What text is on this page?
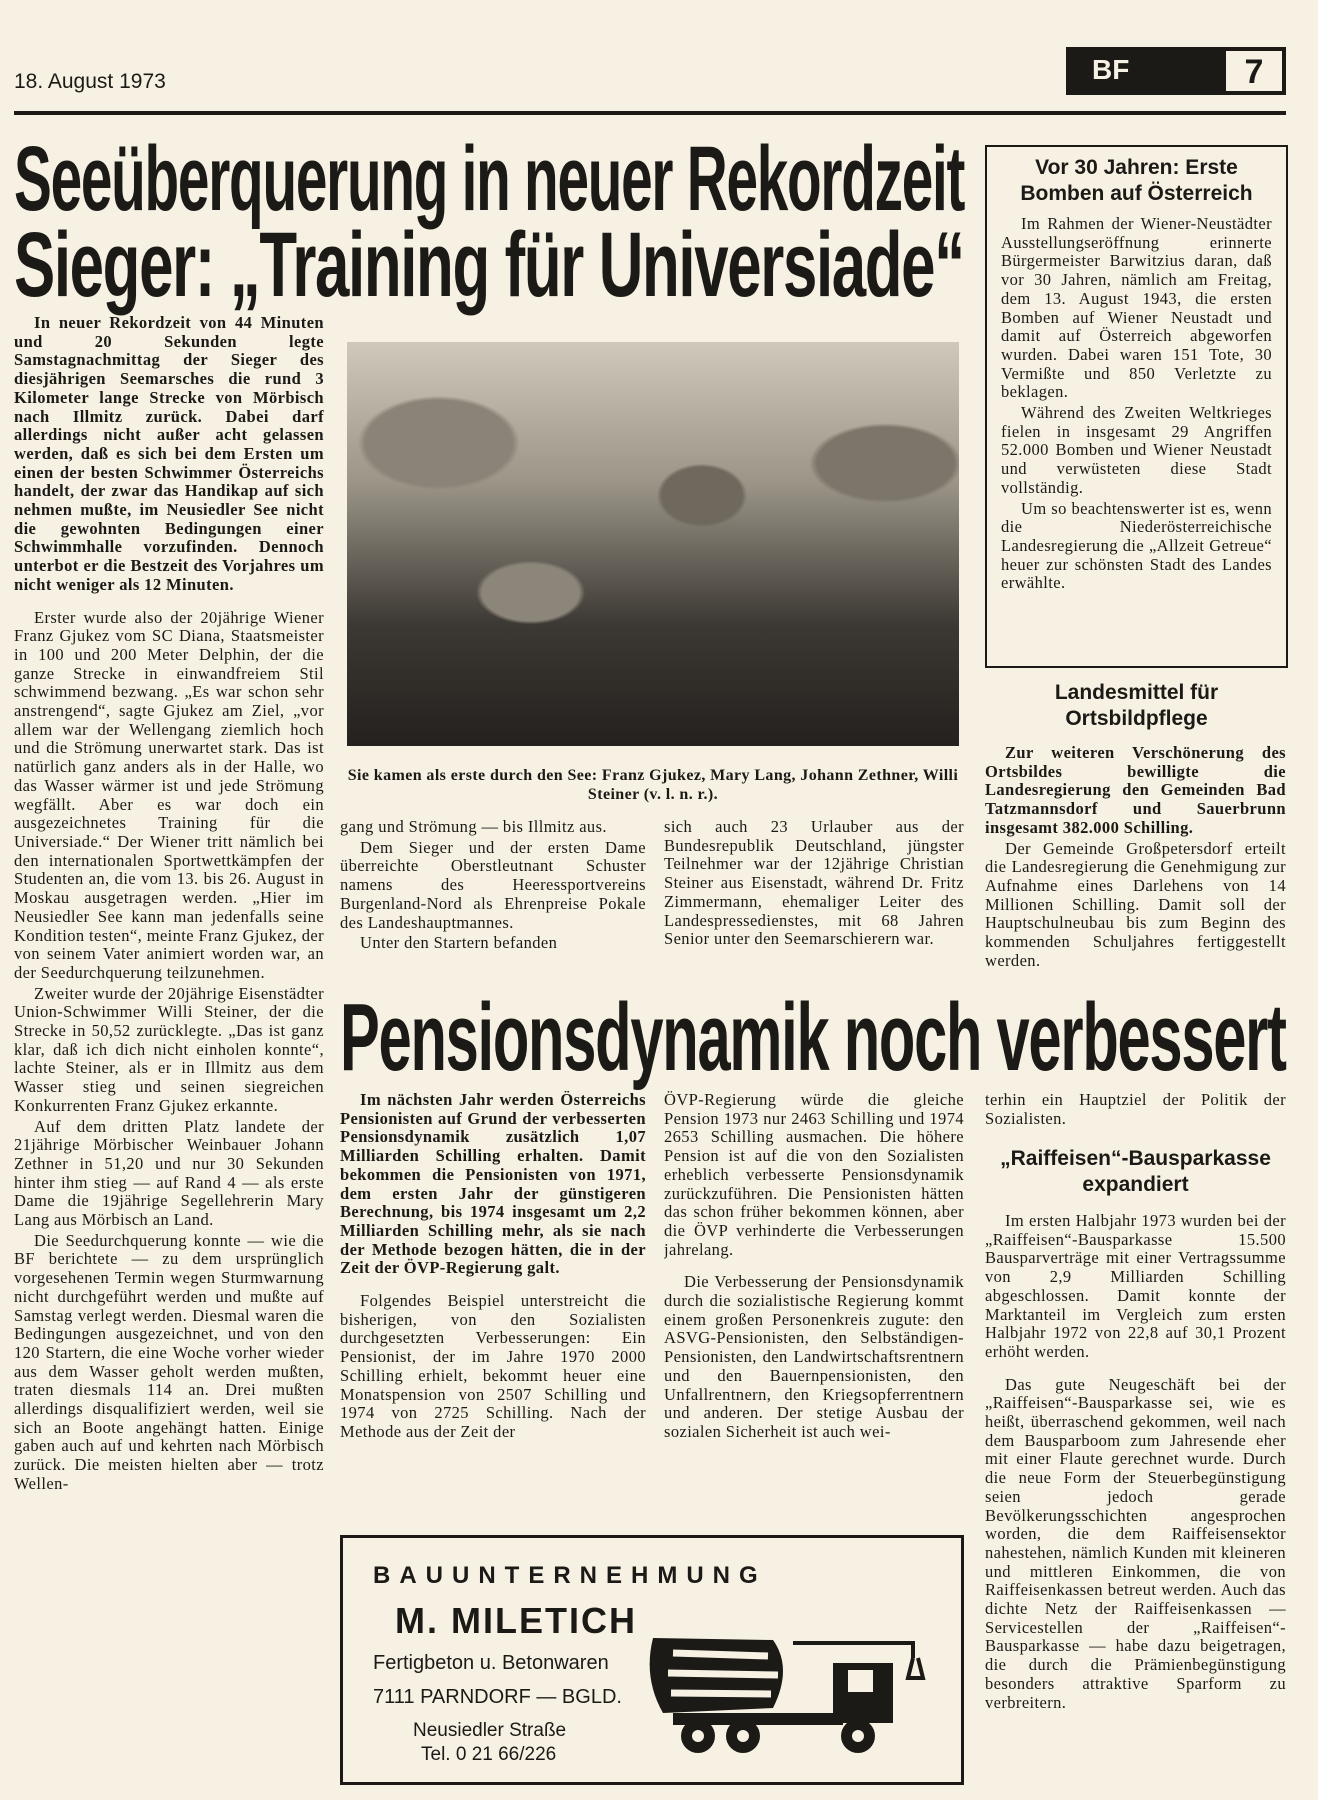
18. August 1973	BF	7
Seeüberquerung in neuer Rekordzeit
Sieger: „Training für Universiade“

In neuer Rekordzeit von 44 Minuten und 20 Sekunden legte Samstagnachmittag der Sieger des diesjährigen Seemarsches die rund 3 Kilometer lange Strecke von Mörbisch nach Illmitz zurück. Dabei darf allerdings nicht außer acht gelassen werden, daß es sich bei dem Ersten um einen der besten Schwimmer Österreichs handelt, der zwar das Handikap auf sich nehmen mußte, im Neusiedler See nicht die gewohnten Bedingungen einer Schwimmhalle vorzufinden. Dennoch unterbot er die Bestzeit des Vorjahres um nicht weniger als 12 Minuten.

Erster wurde also der 20jährige Wiener Franz Gjukez vom SC Diana, Staatsmeister in 100 und 200 Meter Delphin, der die ganze Strecke in einwandfreiem Stil schwimmend bezwang. „Es war schon sehr anstrengend“, sagte Gjukez am Ziel, „vor allem war der Wellengang ziemlich hoch und die Strömung unerwartet stark. Das ist natürlich ganz anders als in der Halle, wo das Wasser wärmer ist und jede Strömung wegfällt. Aber es war doch ein ausgezeichnetes Training für die Universiade.“ Der Wiener tritt nämlich bei den internationalen Sportwettkämpfen der Studenten an, die vom 13. bis 26. August in Moskau ausgetragen werden. „Hier im Neusiedler See kann man jedenfalls seine Kondition testen“, meinte Franz Gjukez, der von seinem Vater animiert worden war, an der Seedurchquerung teilzunehmen.

Zweiter wurde der 20jährige Eisenstädter Union-Schwimmer Willi Steiner, der die Strecke in 50,52 zurücklegte. „Das ist ganz klar, daß ich dich nicht einholen konnte“, lachte Steiner, als er in Illmitz aus dem Wasser stieg und seinen siegreichen Konkurrenten Franz Gjukez erkannte.

Auf dem dritten Platz landete der 21jährige Mörbischer Weinbauer Johann Zethner in 51,20 und nur 30 Sekunden hinter ihm stieg — auf Rand 4 — als erste Dame die 19jährige Segellehrerin Mary Lang aus Mörbisch an Land.

Die Seedurchquerung konnte — wie die BF berichtete — zu dem ursprünglich vorgesehenen Termin wegen Sturmwarnung nicht durchgeführt werden und mußte auf Samstag verlegt werden. Diesmal waren die Bedingungen ausgezeichnet, und von den 120 Startern, die eine Woche vorher wieder aus dem Wasser geholt werden mußten, traten diesmals 114 an. Drei mußten allerdings disqualifiziert werden, weil sie sich an Boote angehängt hatten. Einige gaben auch auf und kehrten nach Mörbisch zurück. Die meisten hielten aber — trotz Wellen-

Sie kamen als erste durch den See: Franz Gjukez, Mary Lang, Johann Zethner, Willi Steiner (v. l. n. r.).

gang und Strömung — bis Illmitz aus.

Dem Sieger und der ersten Dame überreichte Oberstleutnant Schuster namens des Heeressportvereins Burgenland-Nord als Ehrenpreise Pokale des Landeshauptmannes.

Unter den Startern befanden

sich auch 23 Urlauber aus der Bundesrepublik Deutschland, jüngster Teilnehmer war der 12jährige Christian Steiner aus Eisenstadt, während Dr. Fritz Zimmermann, ehemaliger Leiter des Landespressedienstes, mit 68 Jahren Senior unter den Seemarschierern war.

Vor 30 Jahren: Erste Bomben auf Österreich

Im Rahmen der Wiener-Neustädter Ausstellungseröffnung erinnerte Bürgermeister Barwitzius daran, daß vor 30 Jahren, nämlich am Freitag, dem 13. August 1943, die ersten Bomben auf Wiener Neustadt und damit auf Österreich abgeworfen wurden. Dabei waren 151 Tote, 30 Vermißte und 850 Verletzte zu beklagen.

Während des Zweiten Weltkrieges fielen in insgesamt 29 Angriffen 52.000 Bomben und Wiener Neustadt und verwüsteten diese Stadt vollständig.

Um so beachtenswerter ist es, wenn die Niederösterreichische Landesregierung die „Allzeit Getreue“ heuer zur schönsten Stadt des Landes erwählte.

Landesmittel für Ortsbildpflege

Zur weiteren Verschönerung des Ortsbildes bewilligte die Landesregierung den Gemeinden Bad Tatzmannsdorf und Sauerbrunn insgesamt 382.000 Schilling.

Der Gemeinde Großpetersdorf erteilt die Landesregierung die Genehmigung zur Aufnahme eines Darlehens von 14 Millionen Schilling. Damit soll der Hauptschulneubau bis zum Beginn des kommenden Schuljahres fertiggestellt werden.

Pensionsdynamik noch verbessert

Im nächsten Jahr werden Österreichs Pensionisten auf Grund der verbesserten Pensionsdynamik zusätzlich 1,07 Milliarden Schilling erhalten. Damit bekommen die Pensionisten von 1971, dem ersten Jahr der günstigeren Berechnung, bis 1974 insgesamt um 2,2 Milliarden Schilling mehr, als sie nach der Methode bezogen hätten, die in der Zeit der ÖVP-Regierung galt.

Folgendes Beispiel unterstreicht die bisherigen, von den Sozialisten durchgesetzten Verbesserungen: Ein Pensionist, der im Jahre 1970 2000 Schilling erhielt, bekommt heuer eine Monatspension von 2507 Schilling und 1974 von 2725 Schilling. Nach der Methode aus der Zeit der

ÖVP-Regierung würde die gleiche Pension 1973 nur 2463 Schilling und 1974 2653 Schilling ausmachen. Die höhere Pension ist auf die von den Sozialisten erheblich verbesserte Pensionsdynamik zurückzuführen. Die Pensionisten hätten das schon früher bekommen können, aber die ÖVP verhinderte die Verbesserungen jahrelang.

Die Verbesserung der Pensionsdynamik durch die sozialistische Regierung kommt einem großen Personenkreis zugute: den ASVG-Pensionisten, den Selbständigen-Pensionisten, den Landwirtschaftsrentnern und den Bauernpensionisten, den Unfallrentnern, den Kriegsopferrentnern und anderen. Der stetige Ausbau der sozialen Sicherheit ist auch wei-

terhin ein Hauptziel der Politik der Sozialisten.

„Raiffeisen“-Bausparkasse expandiert

Im ersten Halbjahr 1973 wurden bei der „Raiffeisen“-Bausparkasse 15.500 Bausparverträge mit einer Vertragssumme von 2,9 Milliarden Schilling abgeschlossen. Damit konnte der Marktanteil im Vergleich zum ersten Halbjahr 1972 von 22,8 auf 30,1 Prozent erhöht werden.

Das gute Neugeschäft bei der „Raiffeisen“-Bausparkasse sei, wie es heißt, überraschend gekommen, weil nach dem Bausparboom zum Jahresende eher mit einer Flaute gerechnet wurde. Durch die neue Form der Steuerbegünstigung seien jedoch gerade Bevölkerungsschichten angesprochen worden, die dem Raiffeisensektor nahestehen, nämlich Kunden mit kleineren und mittleren Einkommen, die von Raiffeisenkassen betreut werden. Auch das dichte Netz der Raiffeisenkassen — Servicestellen der „Raiffeisen“-Bausparkasse — habe dazu beigetragen, die durch die Prämienbegünstigung besonders attraktive Sparform zu verbreitern.

BAUUNTERNEHMUNG
M. MILETICH
Fertigbeton u. Betonwaren
7111 PARNDORF — BGLD.
Neusiedler Straße
Tel. 0 21 66/226
